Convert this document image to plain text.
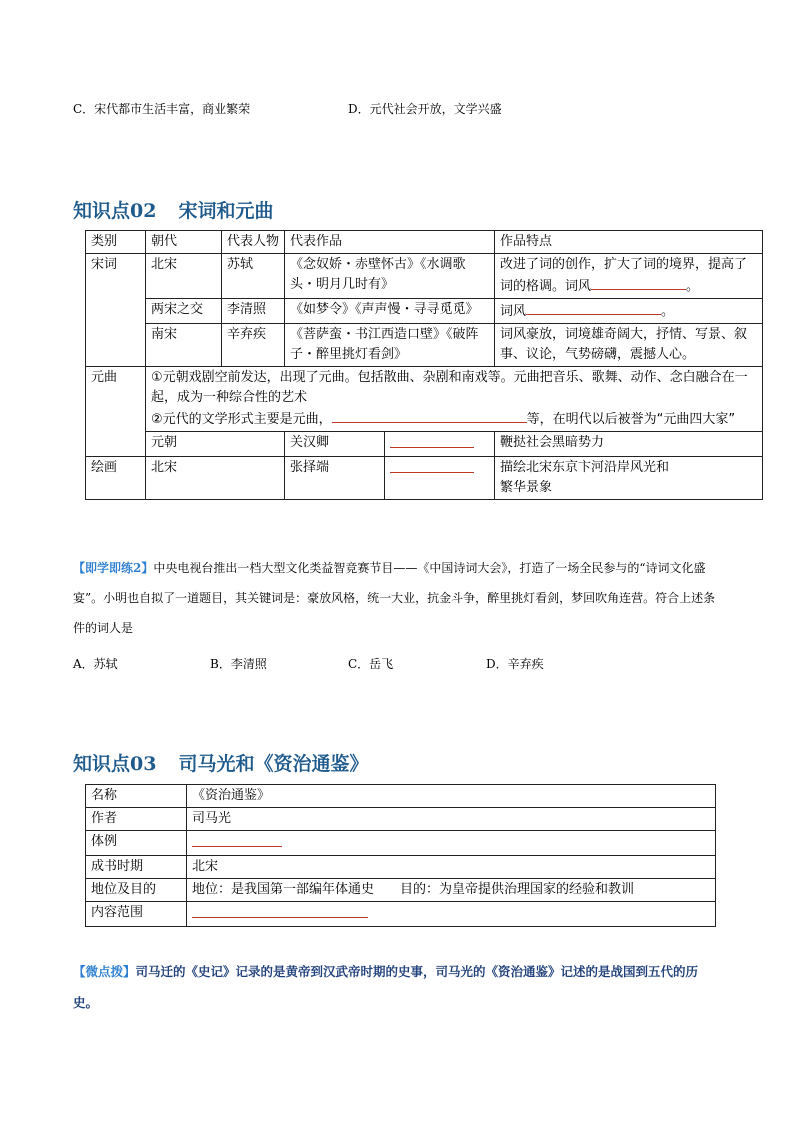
C．宋代都市生活丰富，商业繁荣	D．元代社会开放，文学兴盛
知识点02 宋词和元曲
类别	朝代	代表人物	代表作品		作品特点
宋词	北宋	苏轼	《念奴娇・赤壁怀古》《水调歌头・明月几时有》		改进了词的创作，扩大了词的境界，提高了词的格调。词风 。
	两宋之交	李清照	《如梦令》《声声慢・寻寻觅觅》		词风 。
	南宋	辛弃疾	《菩萨蛮・书江西造口壁》《破阵子・醉里挑灯看剑》		词风豪放，词境雄奇阔大，抒情、写景、叙事、议论，气势磅礴，震撼人心。
元曲	①元朝戏剧空前发达，出现了元曲。包括散曲、杂剧和南戏等。元曲把音乐、歌舞、动作、念白融合在一起，成为一种综合性的艺术
②元代的文学形式主要是元曲， 等，在明代以后被誉为“元曲四大家”				

	元朝		关汉卿		鞭挞社会黑暗势力
绘画	北宋		张择端		描绘北宋东京卞河沿岸风光和繁华景象
【即学即练2】中央电视台推出一档大型文化类益智竞赛节目——《中国诗词大会》，打造了一场全民参与的“诗词文化盛宴”。小明也自拟了一道题目，其关键词是：豪放风格，统一大业，抗金斗争，醉里挑灯看剑，梦回吹角连营。符合上述条件的词人是
A．苏轼	B．李清照	C．岳飞	D．辛弃疾
知识点03 司马光和《资治通鉴》
名称	《资治通鉴》
作者	司马光
体例	
成书时期	北宋
地位及目的	地位：是我国第一部编年体通史 目的：为皇帝提供治理国家的经验和教训
内容范围	
【微点拨】司马迁的《史记》记录的是黄帝到汉武帝时期的史事，司马光的《资治通鉴》记述的是战国到五代的历史。
